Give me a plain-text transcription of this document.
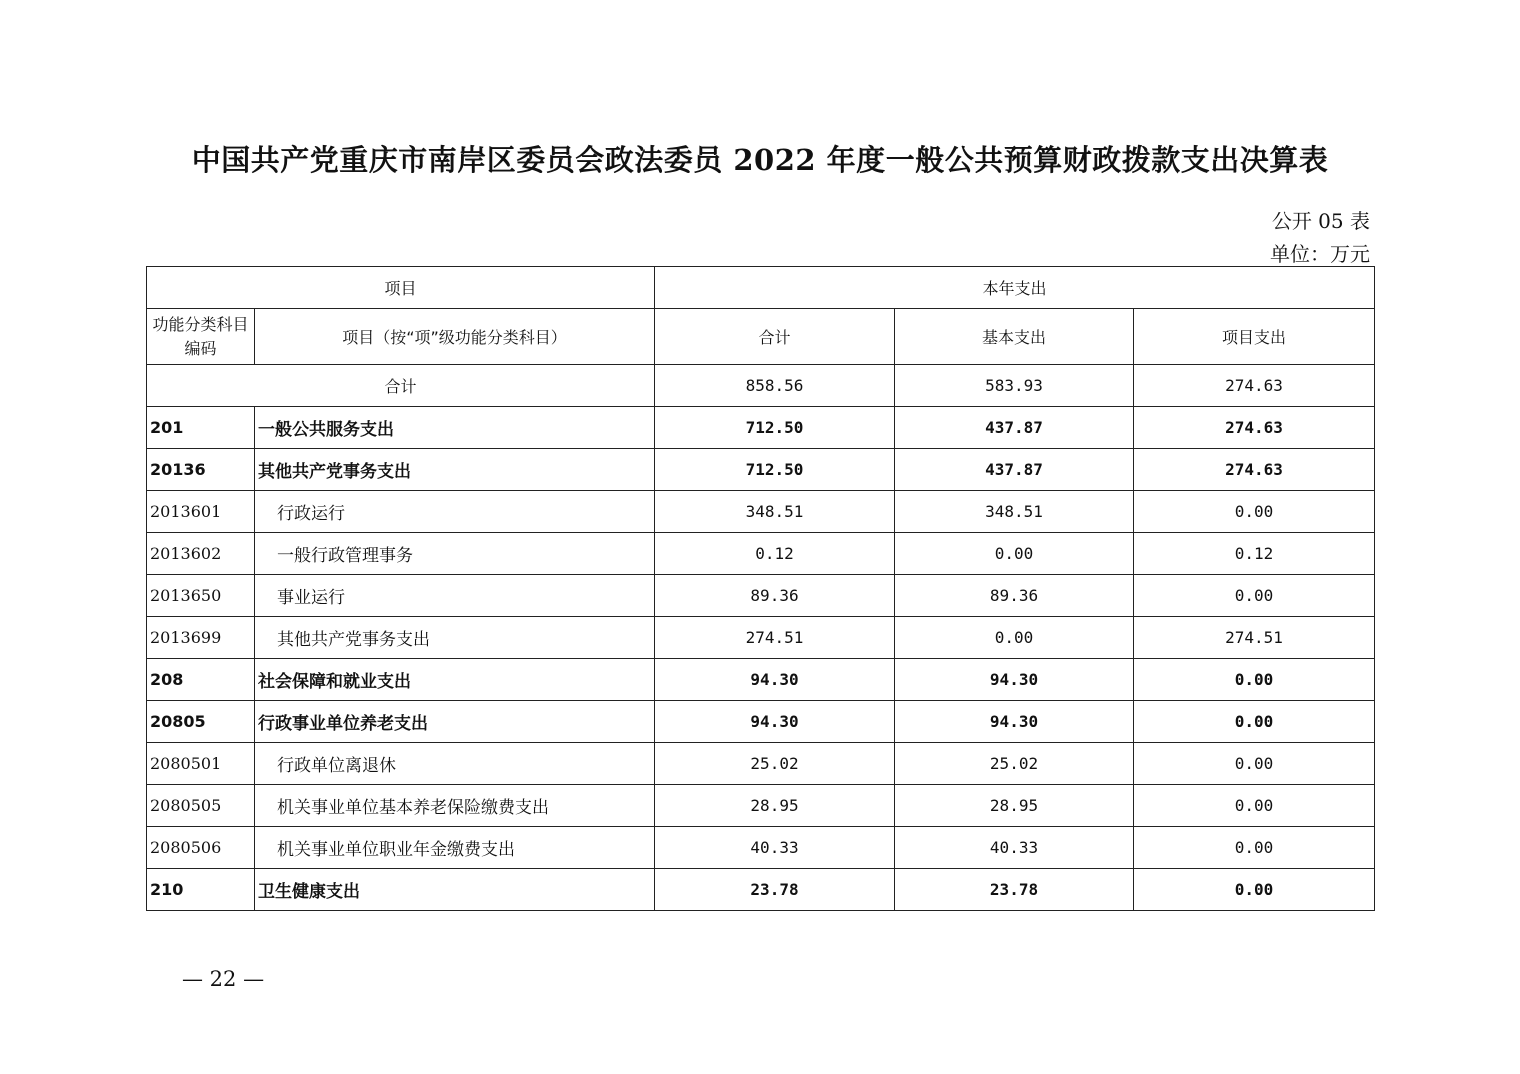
中国共产党重庆市南岸区委员会政法委员 2022 年度一般公共预算财政拨款支出决算表
公开 05 表
单位：万元
项目		本年支出		
功能分类科目编码	项目（按“项”级功能分类科目）	合计	基本支出	项目支出
合计		858.56	583.93	274.63
201	一般公共服务支出	712.50	437.87	274.63
20136	其他共产党事务支出	712.50	437.87	274.63
2013601	行政运行	348.51	348.51	0.00
2013602	一般行政管理事务	0.12	0.00	0.12
2013650	事业运行	89.36	89.36	0.00
2013699	其他共产党事务支出	274.51	0.00	274.51
208	社会保障和就业支出	94.30	94.30	0.00
20805	行政事业单位养老支出	94.30	94.30	0.00
2080501	行政单位离退休	25.02	25.02	0.00
2080505	机关事业单位基本养老保险缴费支出	28.95	28.95	0.00
2080506	机关事业单位职业年金缴费支出	40.33	40.33	0.00
210	卫生健康支出	23.78	23.78	0.00
— 22 —
